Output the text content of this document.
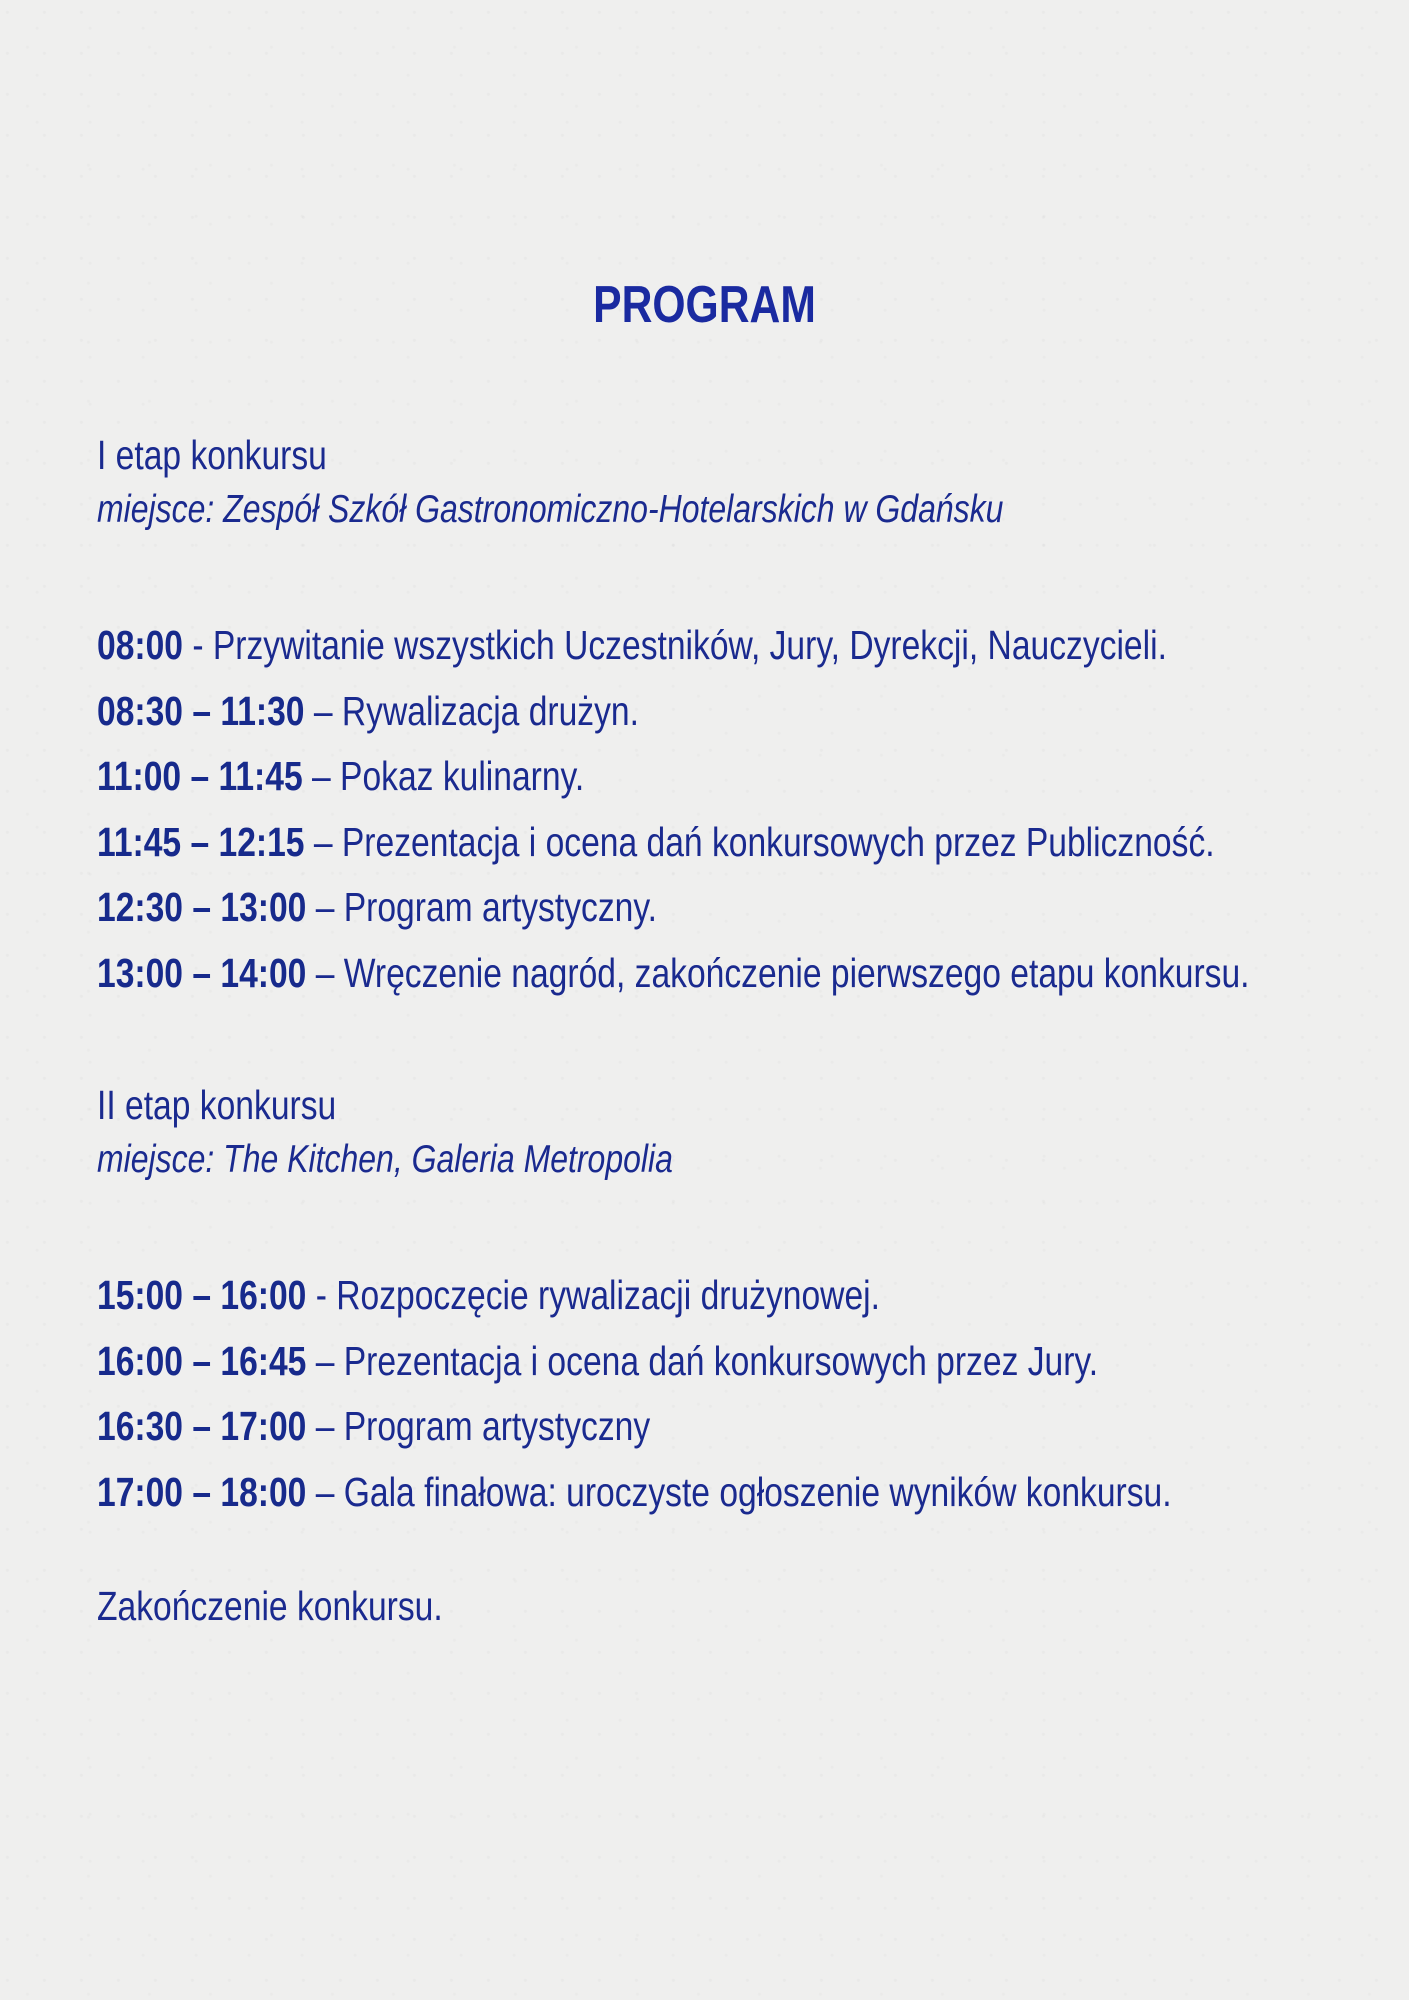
PROGRAM
I etap konkursu
miejsce: Zespół Szkół Gastronomiczno-Hotelarskich w Gdańsku
08:00 - Przywitanie wszystkich Uczestników, Jury, Dyrekcji, Nauczycieli.
08:30 – 11:30 – Rywalizacja drużyn.
11:00 – 11:45 – Pokaz kulinarny.
11:45 – 12:15 – Prezentacja i ocena dań konkursowych przez Publiczność.
12:30 – 13:00 – Program artystyczny.
13:00 – 14:00 – Wręczenie nagród, zakończenie pierwszego etapu konkursu.
II etap konkursu
miejsce: The Kitchen, Galeria Metropolia
15:00 – 16:00 - Rozpoczęcie rywalizacji drużynowej.
16:00 – 16:45 – Prezentacja i ocena dań konkursowych przez Jury.
16:30 – 17:00 – Program artystyczny
17:00 – 18:00 – Gala finałowa: uroczyste ogłoszenie wyników konkursu.
Zakończenie konkursu.
